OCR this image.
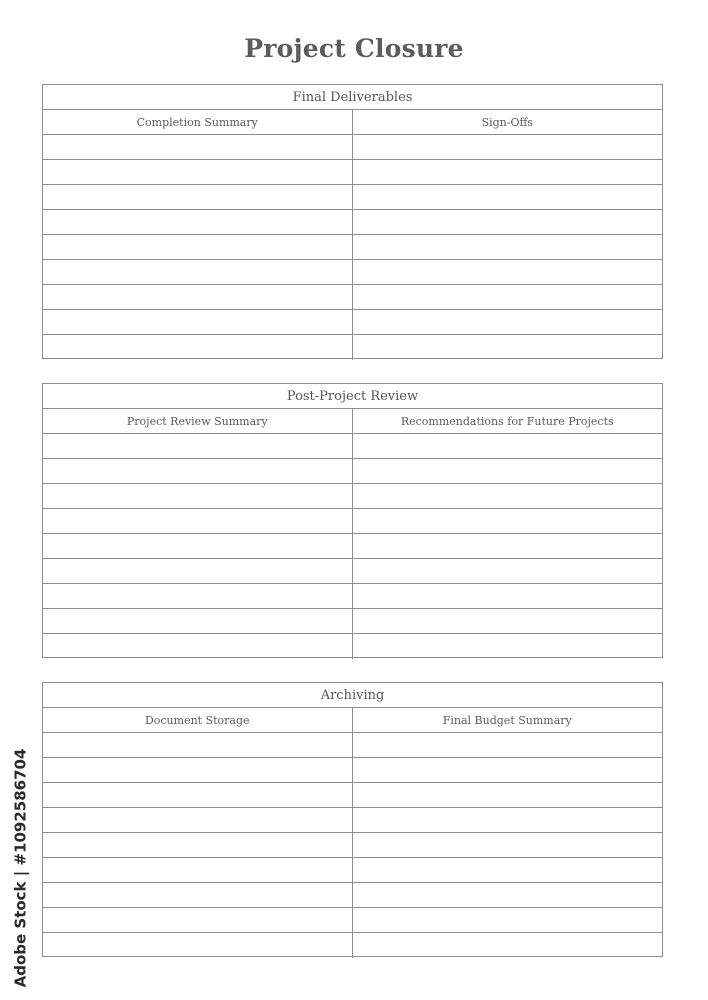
Project Closure
Final Deliverables
Completion Summary	Sign-Offs
Post-Project Review
Project Review Summary	Recommendations for Future Projects
Archiving
Document Storage	Final Budget Summary
Adobe Stock | #1092586704
